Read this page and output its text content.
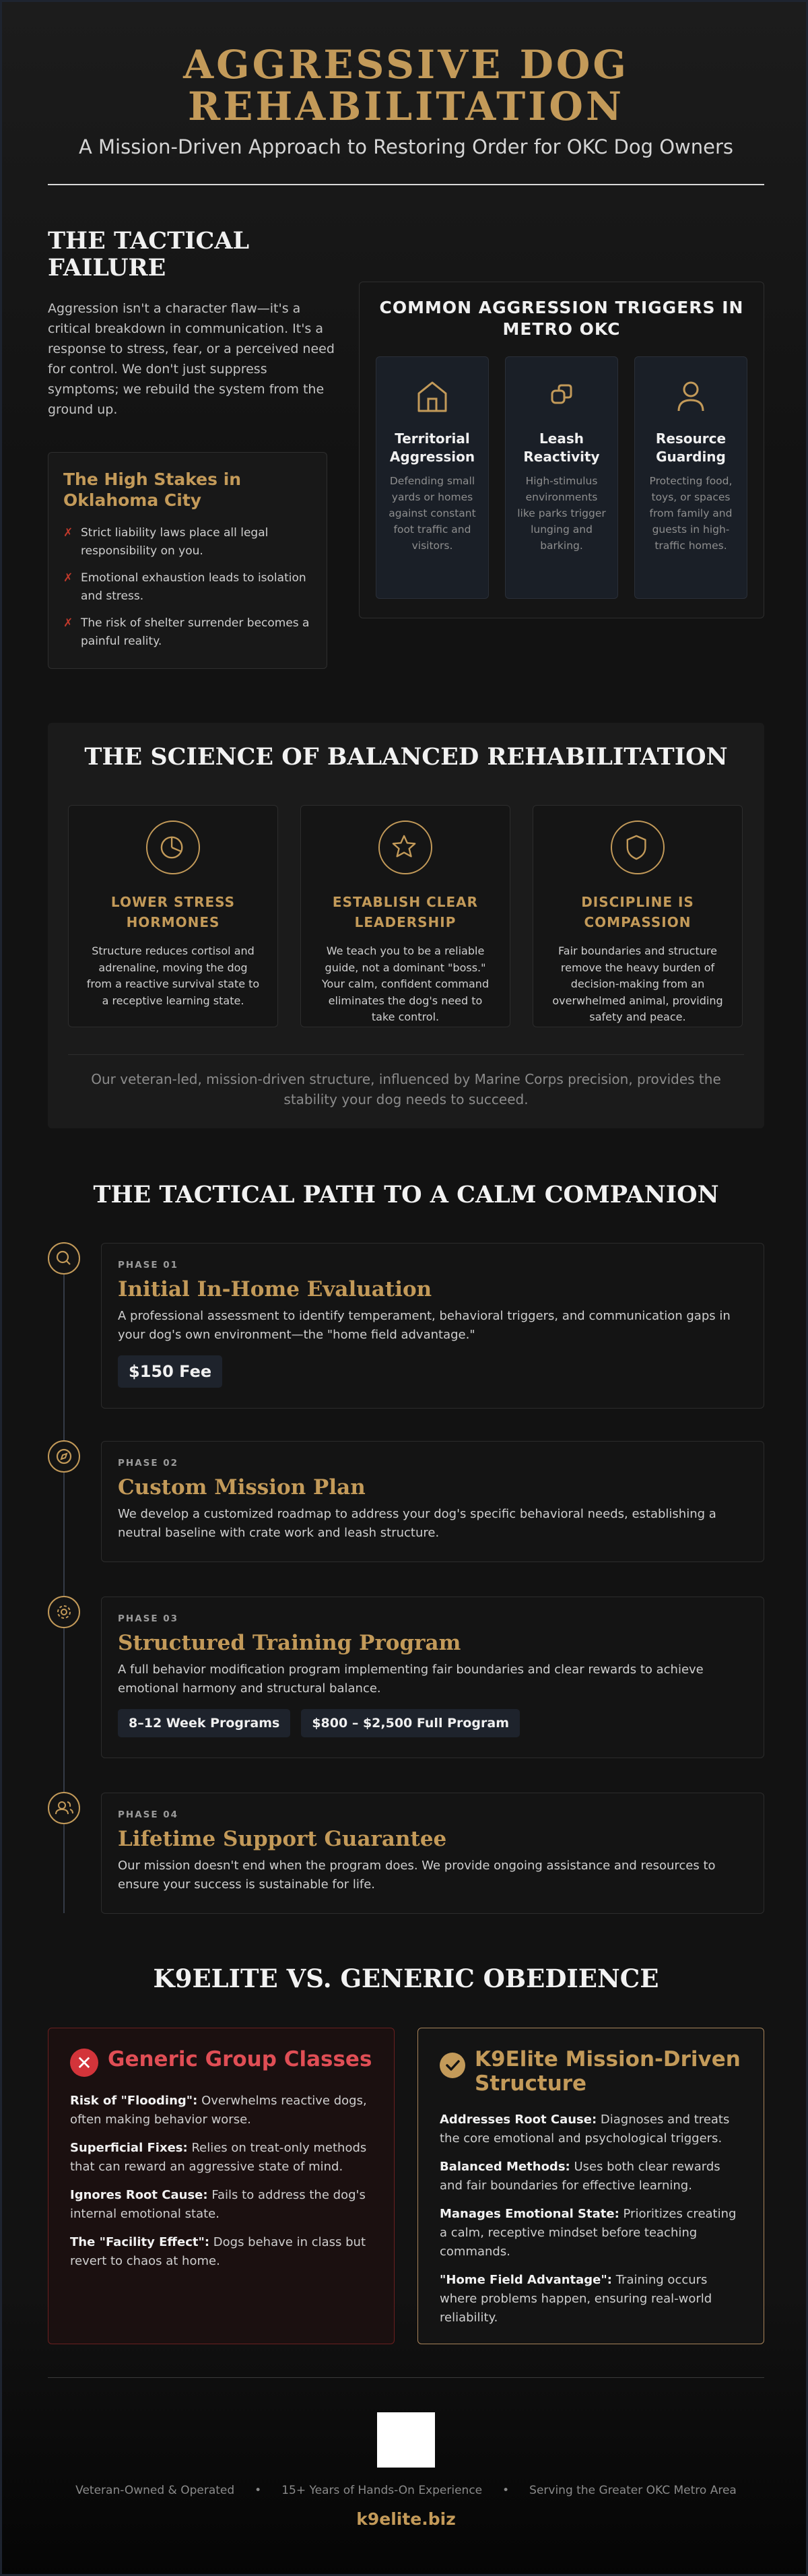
AGGRESSIVE DOG
REHABILITATION
A Mission-Driven Approach to Restoring Order for OKC Dog Owners
THE TACTICAL
FAILURE
Aggression isn't a character flaw—it's a critical breakdown in communication. It's a response to stress, fear, or a perceived need for control. We don't just suppress symptoms; we rebuild the system from the ground up.
The High Stakes in Oklahoma City
✗ Strict liability laws place all legal responsibility on you.
✗ Emotional exhaustion leads to isolation and stress.
✗ The risk of shelter surrender becomes a painful reality.
COMMON AGGRESSION TRIGGERS IN METRO OKC
Territorial Aggression

Defending small yards or homes against constant foot traffic and visitors.

Leash Reactivity

High-stimulus environments like parks trigger lunging and barking.

Resource Guarding

Protecting food, toys, or spaces from family and guests in high-traffic homes.

THE SCIENCE OF BALANCED REHABILITATION
LOWER STRESS HORMONES

Structure reduces cortisol and adrenaline, moving the dog from a reactive survival state to a receptive learning state.

ESTABLISH CLEAR LEADERSHIP

We teach you to be a reliable guide, not a dominant "boss." Your calm, confident command eliminates the dog's need to take control.

DISCIPLINE IS COMPASSION

Fair boundaries and structure remove the heavy burden of decision-making from an overwhelmed animal, providing safety and peace.

Our veteran-led, mission-driven structure, influenced by Marine Corps precision, provides the stability your dog needs to succeed.
THE TACTICAL PATH TO A CALM COMPANION
PHASE 01
Initial In-Home Evaluation

A professional assessment to identify temperament, behavioral triggers, and communication gaps in your dog's own environment—the "home field advantage."

$150 Fee
PHASE 02
Custom Mission Plan

We develop a customized roadmap to address your dog's specific behavioral needs, establishing a neutral baseline with crate work and leash structure.

PHASE 03
Structured Training Program

A full behavior modification program implementing fair boundaries and clear rewards to achieve emotional harmony and structural balance.

8–12 Week Programs	$800 – $2,500 Full Program
PHASE 04
Lifetime Support Guarantee

Our mission doesn't end when the program does. We provide ongoing assistance and resources to ensure your success is sustainable for life.

K9ELITE VS. GENERIC OBEDIENCE
✕ Generic Group Classes
Risk of "Flooding": Overwhelms reactive dogs, often making behavior worse.
Superficial Fixes: Relies on treat-only methods that can reward an aggressive state of mind.
Ignores Root Cause: Fails to address the dog's internal emotional state.
The "Facility Effect": Dogs behave in class but revert to chaos at home.
K9Elite Mission-Driven Structure
Addresses Root Cause: Diagnoses and treats the core emotional and psychological triggers.
Balanced Methods: Uses both clear rewards and fair boundaries for effective learning.
Manages Emotional State: Prioritizes creating a calm, receptive mindset before teaching commands.
"Home Field Advantage": Training occurs where problems happen, ensuring real-world reliability.
Veteran-Owned & Operated • 15+ Years of Hands-On Experience • Serving the Greater OKC Metro Area
k9elite.biz
